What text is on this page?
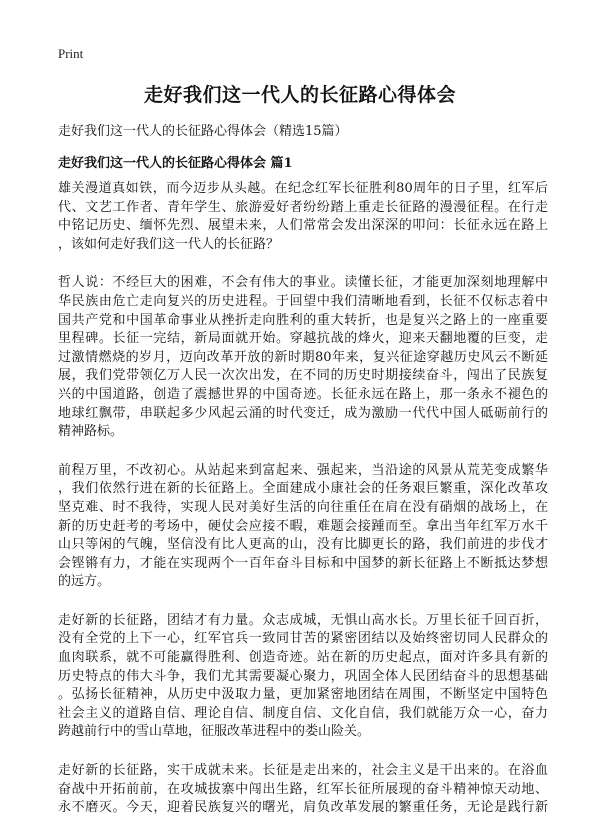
Print
走好我们这一代人的长征路心得体会

走好我们这一代人的长征路心得体会（精选15篇）

走好我们这一代人的长征路心得体会 篇1

雄关漫道真如铁，而今迈步从头越。在纪念红军长征胜利80周年的日子里，红军后
代、文艺工作者、青年学生、旅游爱好者纷纷踏上重走长征路的漫漫征程。在行走
中铭记历史、缅怀先烈、展望未来，人们常常会发出深深的叩问：长征永远在路上
，该如何走好我们这一代人的长征路？

哲人说：不经巨大的困难，不会有伟大的事业。读懂长征，才能更加深刻地理解中
华民族由危亡走向复兴的历史进程。于回望中我们清晰地看到，长征不仅标志着中
国共产党和中国革命事业从挫折走向胜利的重大转折，也是复兴之路上的一座重要
里程碑。长征一完结，新局面就开始。穿越抗战的烽火，迎来天翻地覆的巨变，走
过激情燃烧的岁月，迈向改革开放的新时期80年来，复兴征途穿越历史风云不断延
展，我们党带领亿万人民一次次出发，在不同的历史时期接续奋斗，闯出了民族复
兴的中国道路，创造了震撼世界的中国奇迹。长征永远在路上，那一条永不褪色的
地球红飘带，串联起多少风起云涌的时代变迁，成为激励一代代中国人砥砺前行的
精神路标。

前程万里，不改初心。从站起来到富起来、强起来，当沿途的风景从荒芜变成繁华
，我们依然行进在新的长征路上。全面建成小康社会的任务艰巨繁重，深化改革攻
坚克难、时不我待，实现人民对美好生活的向往重任在肩在没有硝烟的战场上，在
新的历史赶考的考场中，硬仗会应接不暇，难题会接踵而至。拿出当年红军万水千
山只等闲的气魄，坚信没有比人更高的山，没有比脚更长的路，我们前进的步伐才
会铿锵有力，才能在实现两个一百年奋斗目标和中国梦的新长征路上不断抵达梦想
的远方。

走好新的长征路，团结才有力量。众志成城，无惧山高水长。万里长征千回百折，
没有全党的上下一心，红军官兵一致同甘苦的紧密团结以及始终密切同人民群众的
血肉联系，就不可能赢得胜利、创造奇迹。站在新的历史起点，面对许多具有新的
历史特点的伟大斗争，我们尤其需要凝心聚力，巩固全体人民团结奋斗的思想基础
。弘扬长征精神，从历史中汲取力量，更加紧密地团结在周围，不断坚定中国特色
社会主义的道路自信、理论自信、制度自信、文化自信，我们就能万众一心，奋力
跨越前行中的雪山草地，征服改革进程中的娄山险关。

走好新的长征路，实干成就未来。长征是走出来的，社会主义是干出来的。在浴血
奋战中开拓前前，在攻城拔寨中闯出生路，红军长征所展现的奋斗精神惊天动地、
永不磨灭。今天，迎着民族复兴的曙光，肩负改革发展的繁重任务，无论是践行新
